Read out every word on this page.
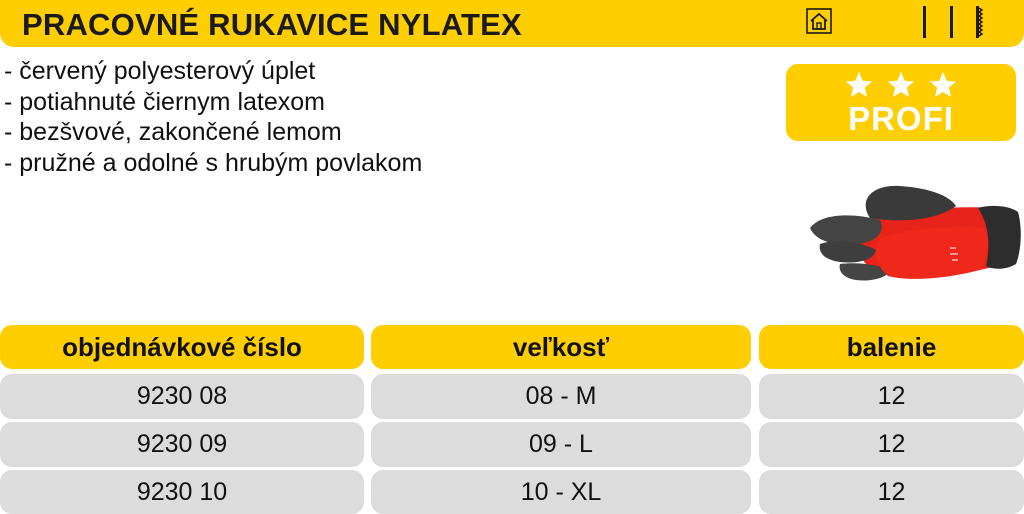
PRACOVNÉ RUKAVICE NYLATEX
- červený polyesterový úplet
- potiahnuté čiernym latexom
- bezšvové, zakončené lemom
- pružné a odolné s hrubým povlakom

PROFI
objednávkové číslo	veľkosť	balenie
9230 08	08 - M	12
9230 09	09 - L	12
9230 10	10 - XL	12
